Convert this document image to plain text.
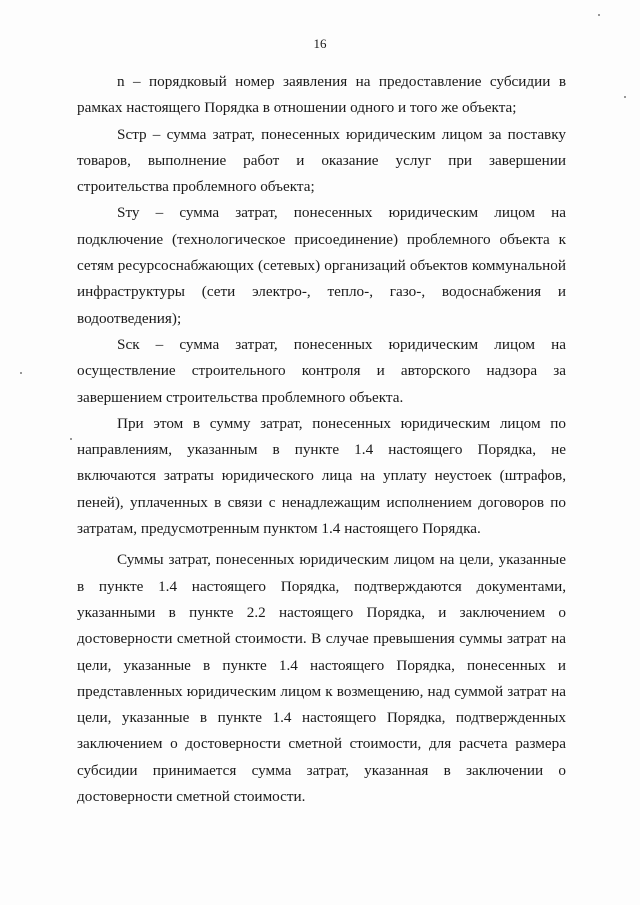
16

n – порядковый номер заявления на предоставление субсидии в рамках настоящего Порядка в отношении одного и того же объекта;

Sстр – сумма затрат, понесенных юридическим лицом за поставку товаров, выполнение работ и оказание услуг при завершении строительства проблемного объекта;

Sту – сумма затрат, понесенных юридическим лицом на подключение (технологическое присоединение) проблемного объекта к сетям ресурсоснабжающих (сетевых) организаций объектов коммунальной инфраструктуры (сети электро-, тепло-, газо-, водоснабжения и водоотведения);

Sск – сумма затрат, понесенных юридическим лицом на осуществление строительного контроля и авторского надзора за завершением строительства проблемного объекта.

При этом в сумму затрат, понесенных юридическим лицом по направлениям, указанным в пункте 1.4 настоящего Порядка, не включаются затраты юридического лица на уплату неустоек (штрафов, пеней), уплаченных в связи с ненадлежащим исполнением договоров по затратам, предусмотренным пунктом 1.4 настоящего Порядка.

Суммы затрат, понесенных юридическим лицом на цели, указанные в пункте 1.4 настоящего Порядка, подтверждаются документами, указанными в пункте 2.2 настоящего Порядка, и заключением о достоверности сметной стоимости. В случае превышения суммы затрат на цели, указанные в пункте 1.4 настоящего Порядка, понесенных и представленных юридическим лицом к возмещению, над суммой затрат на цели, указанные в пункте 1.4 настоящего Порядка, подтвержденных заключением о достоверности сметной стоимости, для расчета размера субсидии принимается сумма затрат, указанная в заключении о достоверности сметной стоимости.
